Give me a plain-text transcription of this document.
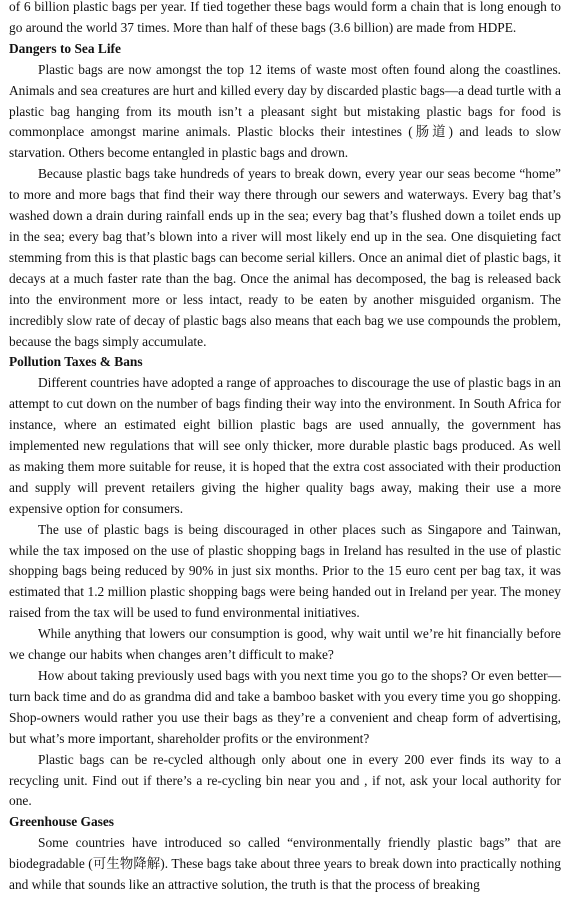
of 6 billion plastic bags per year. If tied together these bags would form a chain that is long enough to go around the world 37 times. More than half of these bags (3.6 billion) are made from HDPE.

Dangers to Sea Life

Plastic bags are now amongst the top 12 items of waste most often found along the coastlines. Animals and sea creatures are hurt and killed every day by discarded plastic bags—a dead turtle with a plastic bag hanging from its mouth isn’t a pleasant sight but mistaking plastic bags for food is commonplace amongst marine animals. Plastic blocks their intestines (肠道) and leads to slow starvation. Others become entangled in plastic bags and drown.

Because plastic bags take hundreds of years to break down, every year our seas become “home” to more and more bags that find their way there through our sewers and waterways. Every bag that’s washed down a drain during rainfall ends up in the sea; every bag that’s flushed down a toilet ends up in the sea; every bag that’s blown into a river will most likely end up in the sea. One disquieting fact stemming from this is that plastic bags can become serial killers. Once an animal diet of plastic bags, it decays at a much faster rate than the bag. Once the animal has decomposed, the bag is released back into the environment more or less intact, ready to be eaten by another misguided organism. The incredibly slow rate of decay of plastic bags also means that each bag we use compounds the problem, because the bags simply accumulate.

Pollution Taxes & Bans

Different countries have adopted a range of approaches to discourage the use of plastic bags in an attempt to cut down on the number of bags finding their way into the environment. In South Africa for instance, where an estimated eight billion plastic bags are used annually, the government has implemented new regulations that will see only thicker, more durable plastic bags produced. As well as making them more suitable for reuse, it is hoped that the extra cost associated with their production and supply will prevent retailers giving the higher quality bags away, making their use a more expensive option for consumers.

The use of plastic bags is being discouraged in other places such as Singapore and Tainwan, while the tax imposed on the use of plastic shopping bags in Ireland has resulted in the use of plastic shopping bags being reduced by 90% in just six months. Prior to the 15 euro cent per bag tax, it was estimated that 1.2 million plastic shopping bags were being handed out in Ireland per year. The money raised from the tax will be used to fund environmental initiatives.

While anything that lowers our consumption is good, why wait until we’re hit financially before we change our habits when changes aren’t difficult to make?

How about taking previously used bags with you next time you go to the shops? Or even better—turn back time and do as grandma did and take a bamboo basket with you every time you go shopping. Shop-owners would rather you use their bags as they’re a convenient and cheap form of advertising, but what’s more important, shareholder profits or the environment?

Plastic bags can be re-cycled although only about one in every 200 ever finds its way to a recycling unit. Find out if there’s a re-cycling bin near you and , if not, ask your local authority for one.

Greenhouse Gases

Some countries have introduced so called “environmentally friendly plastic bags” that are biodegradable (可生物降解). These bags take about three years to break down into practically nothing and while that sounds like an attractive solution, the truth is that the process of breaking
